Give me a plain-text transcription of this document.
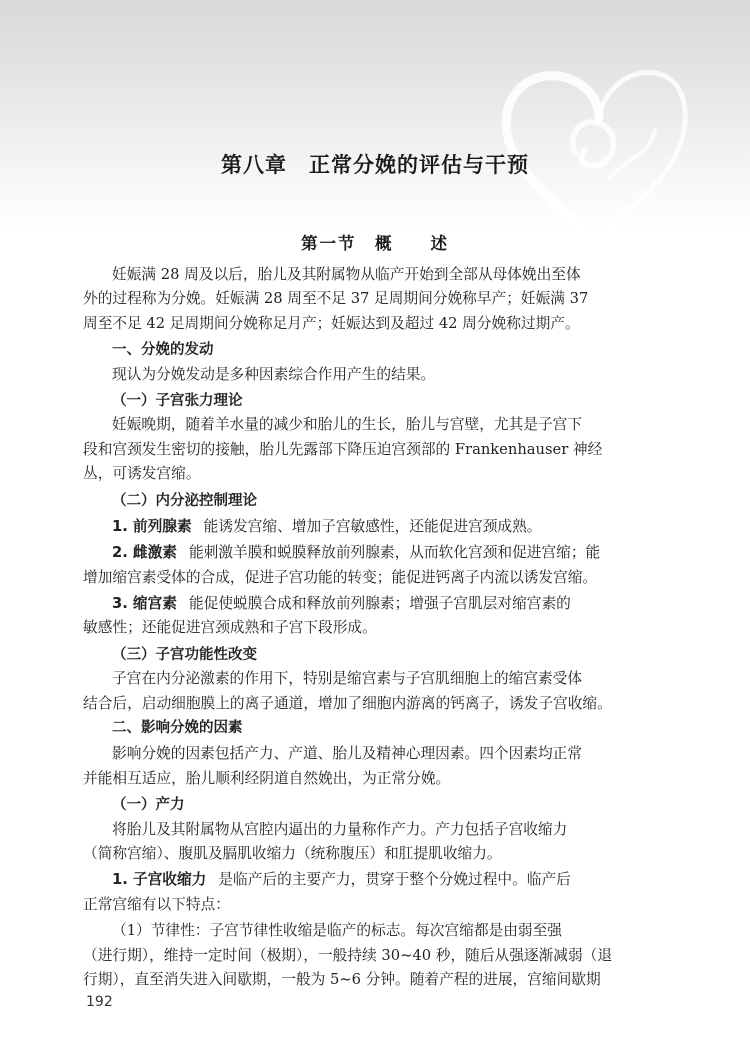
第八章　正常分娩的评估与干预
第一节　概　　述
妊娠满 28 周及以后，胎儿及其附属物从临产开始到全部从母体娩出至体
外的过程称为分娩。妊娠满 28 周至不足 37 足周期间分娩称早产；妊娠满 37
周至不足 42 足周期间分娩称足月产；妊娠达到及超过 42 周分娩称过期产。
一、分娩的发动
现认为分娩发动是多种因素综合作用产生的结果。
（一）子宫张力理论
妊娠晚期，随着羊水量的减少和胎儿的生长，胎儿与宫壁，尤其是子宫下
段和宫颈发生密切的接触，胎儿先露部下降压迫宫颈部的 Frankenhauser 神经
丛，可诱发宫缩。
（二）内分泌控制理论
1. 前列腺素 能诱发宫缩、增加子宫敏感性，还能促进宫颈成熟。
2. 雌激素 能刺激羊膜和蜕膜释放前列腺素，从而软化宫颈和促进宫缩；能
增加缩宫素受体的合成，促进子宫功能的转变；能促进钙离子内流以诱发宫缩。
3. 缩宫素 能促使蜕膜合成和释放前列腺素；增强子宫肌层对缩宫素的
敏感性；还能促进宫颈成熟和子宫下段形成。
（三）子宫功能性改变
子宫在内分泌激素的作用下，特别是缩宫素与子宫肌细胞上的缩宫素受体
结合后，启动细胞膜上的离子通道，增加了细胞内游离的钙离子，诱发子宫收缩。
二、影响分娩的因素
影响分娩的因素包括产力、产道、胎儿及精神心理因素。四个因素均正常
并能相互适应，胎儿顺利经阴道自然娩出，为正常分娩。
（一）产力
将胎儿及其附属物从宫腔内逼出的力量称作产力。产力包括子宫收缩力
（简称宫缩）、腹肌及膈肌收缩力（统称腹压）和肛提肌收缩力。
1. 子宫收缩力 是临产后的主要产力，贯穿于整个分娩过程中。临产后
正常宫缩有以下特点：
（1）节律性：子宫节律性收缩是临产的标志。每次宫缩都是由弱至强
（进行期），维持一定时间（极期），一般持续 30~40 秒，随后从强逐渐减弱（退
行期），直至消失进入间歇期，一般为 5~6 分钟。随着产程的进展，宫缩间歇期
192
